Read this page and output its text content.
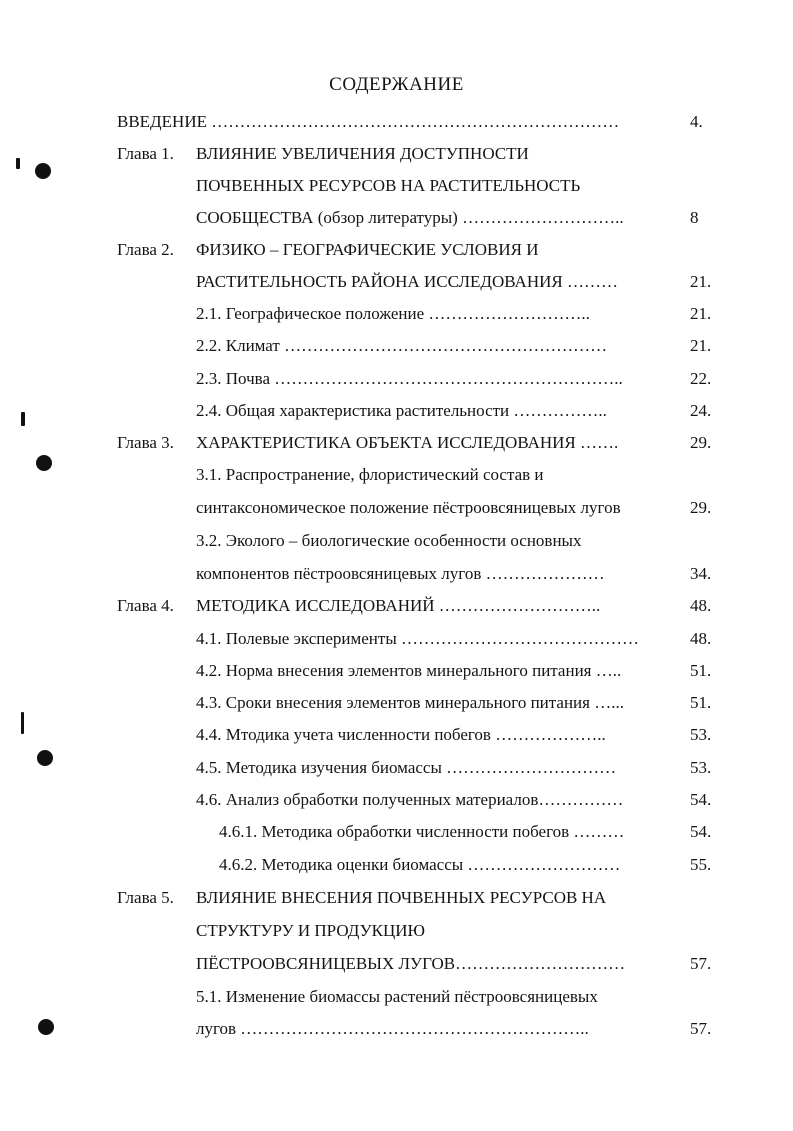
СОДЕРЖАНИЕ
ВВЕДЕНИЕ ………………………………………………………………	4.
Глава 1. ВЛИЯНИЕ УВЕЛИЧЕНИЯ ДОСТУПНОСТИ
ПОЧВЕННЫХ РЕСУРСОВ НА РАСТИТЕЛЬНОСТЬ
СООБЩЕСТВА (обзор литературы) ………………………..	8
Глава 2. ФИЗИКО – ГЕОГРАФИЧЕСКИЕ УСЛОВИЯ И
РАСТИТЕЛЬНОСТЬ РАЙОНА ИССЛЕДОВАНИЯ ………	21.
2.1. Географическое положение ………………………..	21.
2.2. Климат …………………………………………………	21.
2.3. Почва ……………………………………………………..	22.
2.4. Общая характеристика растительности ……………..	24.
Глава 3. ХАРАКТЕРИСТИКА ОБЪЕКТА ИССЛЕДОВАНИЯ …….	29.
3.1. Распространение, флористический состав и
синтаксономическое положение пёстроовсяницевых лугов	29.
3.2. Эколого – биологические особенности основных
компонентов пёстроовсяницевых лугов …………………	34.
Глава 4. МЕТОДИКА ИССЛЕДОВАНИЙ ………………………..	48.
4.1. Полевые эксперименты ……………………………………	48.
4.2. Норма внесения элементов минерального питания …..	51.
4.3. Сроки внесения элементов минерального питания …...	51.
4.4. Мтодика учета численности побегов ………………..	53.
4.5. Методика изучения биомассы …………………………	53.
4.6. Анализ обработки полученных материалов……………	54.
4.6.1. Методика обработки численности побегов ………	54.
4.6.2. Методика оценки биомассы ………………………	55.
Глава 5. ВЛИЯНИЕ ВНЕСЕНИЯ ПОЧВЕННЫХ РЕСУРСОВ НА
СТРУКТУРУ И ПРОДУКЦИЮ
ПЁСТРООВСЯНИЦЕВЫХ ЛУГОВ…………………………	57.
5.1. Изменение биомассы растений пёстроовсяницевых
лугов ……………………………………………………..	57.
